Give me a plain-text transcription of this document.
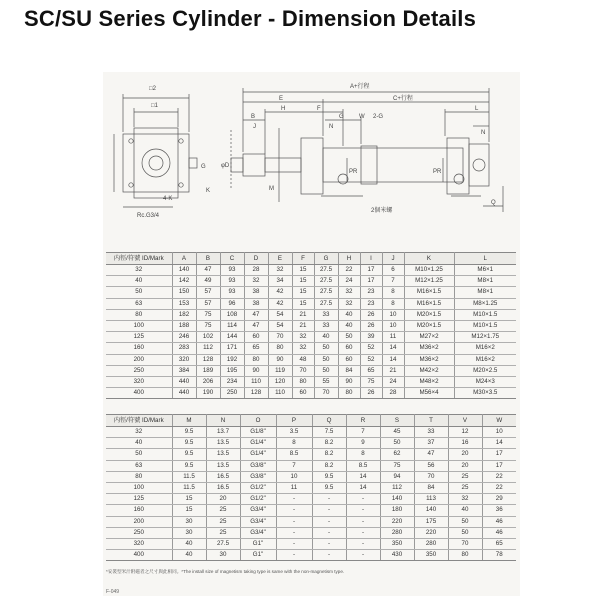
SC/SU Series Cylinder - Dimension Details
□2
□1
G
K
4-K
Rc.G3/4
φD
A+行程
E	C+行程
H	F
G
L
B
J
N
N
W
M
PR	PR
2-G
2個米螺
Q
内徑/符號 ID/Mark	A	B	C	D	E	F	G	H	I	J	K	L
32	140	47	93	28	32	15	27.5	22	17	6	M10×1.25	M6×1
40	142	49	93	32	34	15	27.5	24	17	7	M12×1.25	M8×1
50	150	57	93	38	42	15	27.5	32	23	8	M16×1.5	M8×1
63	153	57	96	38	42	15	27.5	32	23	8	M16×1.5	M8×1.25
80	182	75	108	47	54	21	33	40	26	10	M20×1.5	M10×1.5
100	188	75	114	47	54	21	33	40	26	10	M20×1.5	M10×1.5
125	246	102	144	60	70	32	40	50	39	11	M27×2	M12×1.75
160	283	112	171	65	80	32	50	60	52	14	M36×2	M16×2
200	320	128	192	80	90	48	50	60	52	14	M36×2	M16×2
250	384	189	195	90	119	70	50	84	65	21	M42×2	M20×2.5
320	440	206	234	110	120	80	55	90	75	24	M48×2	M24×3
400	440	190	250	128	110	60	70	80	26	28	M56×4	M30×3.5
内徑/符號 ID/Mark	M	N	O	P	Q	R	S	T	V	W
32	9.5	13.7	G1/8"	3.5	7.5	7	45	33	12	10
40	9.5	13.5	G1/4"	8	8.2	9	50	37	16	14
50	9.5	13.5	G1/4"	8.5	8.2	8	62	47	20	17
63	9.5	13.5	G3/8"	7	8.2	8.5	75	56	20	17
80	11.5	16.5	G3/8"	10	9.5	14	94	70	25	22
100	11.5	16.5	G1/2"	11	9.5	14	112	84	25	22
125	15	20	G1/2"	-	-	-	140	113	32	29
160	15	25	G3/4"	-	-	-	180	140	40	36
200	30	25	G3/4"	-	-	-	220	175	50	46
250	30	25	G3/4"	-	-	-	280	220	50	46
320	40	27.5	G1"	-	-	-	350	280	70	65
400	40	30	G1"	-	-	-	430	350	80	78

*安裝型米汁附磁者之尺寸與此相同。*The install size of magnetism taking type is same with the non-magnetism type.

F-049
